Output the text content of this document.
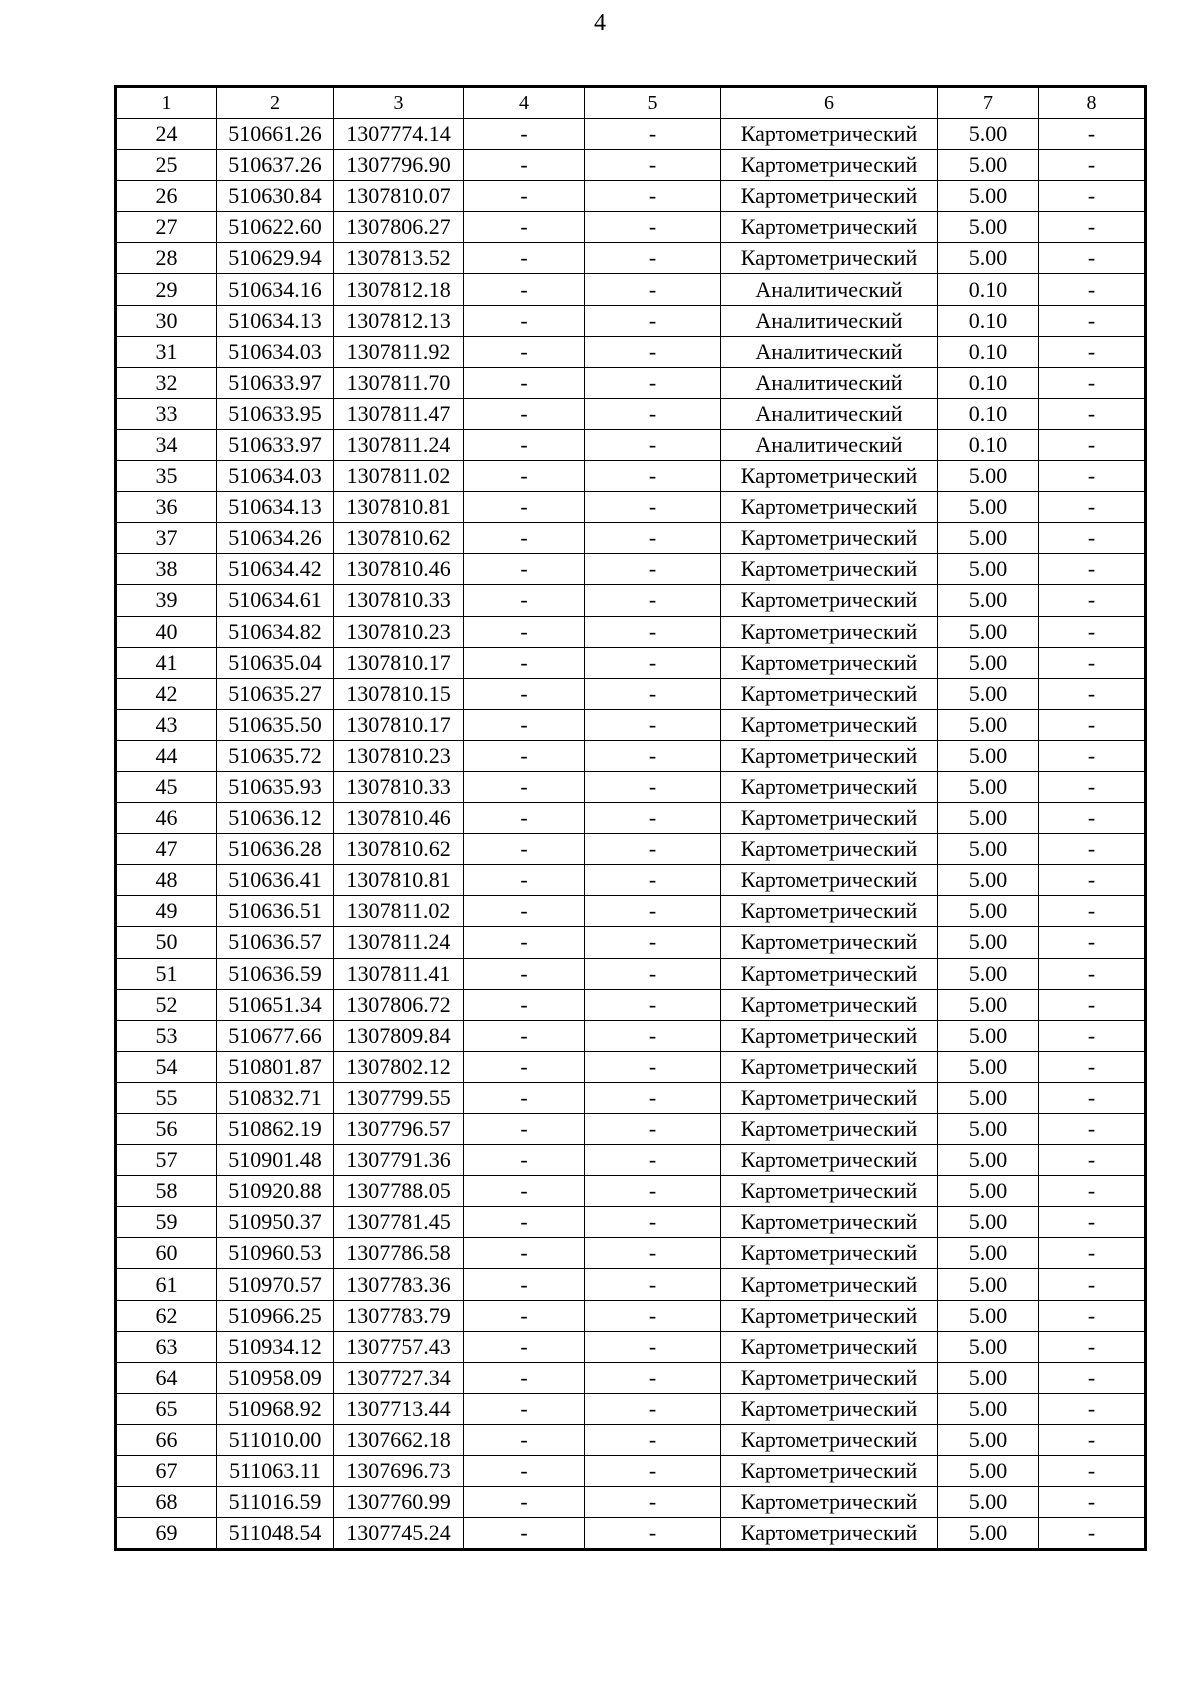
4
1	2	3	4	5	6	7	8
24	510661.26	1307774.14	-	-	Картометрический	5.00	-
25	510637.26	1307796.90	-	-	Картометрический	5.00	-
26	510630.84	1307810.07	-	-	Картометрический	5.00	-
27	510622.60	1307806.27	-	-	Картометрический	5.00	-
28	510629.94	1307813.52	-	-	Картометрический	5.00	-
29	510634.16	1307812.18	-	-	Аналитический	0.10	-
30	510634.13	1307812.13	-	-	Аналитический	0.10	-
31	510634.03	1307811.92	-	-	Аналитический	0.10	-
32	510633.97	1307811.70	-	-	Аналитический	0.10	-
33	510633.95	1307811.47	-	-	Аналитический	0.10	-
34	510633.97	1307811.24	-	-	Аналитический	0.10	-
35	510634.03	1307811.02	-	-	Картометрический	5.00	-
36	510634.13	1307810.81	-	-	Картометрический	5.00	-
37	510634.26	1307810.62	-	-	Картометрический	5.00	-
38	510634.42	1307810.46	-	-	Картометрический	5.00	-
39	510634.61	1307810.33	-	-	Картометрический	5.00	-
40	510634.82	1307810.23	-	-	Картометрический	5.00	-
41	510635.04	1307810.17	-	-	Картометрический	5.00	-
42	510635.27	1307810.15	-	-	Картометрический	5.00	-
43	510635.50	1307810.17	-	-	Картометрический	5.00	-
44	510635.72	1307810.23	-	-	Картометрический	5.00	-
45	510635.93	1307810.33	-	-	Картометрический	5.00	-
46	510636.12	1307810.46	-	-	Картометрический	5.00	-
47	510636.28	1307810.62	-	-	Картометрический	5.00	-
48	510636.41	1307810.81	-	-	Картометрический	5.00	-
49	510636.51	1307811.02	-	-	Картометрический	5.00	-
50	510636.57	1307811.24	-	-	Картометрический	5.00	-
51	510636.59	1307811.41	-	-	Картометрический	5.00	-
52	510651.34	1307806.72	-	-	Картометрический	5.00	-
53	510677.66	1307809.84	-	-	Картометрический	5.00	-
54	510801.87	1307802.12	-	-	Картометрический	5.00	-
55	510832.71	1307799.55	-	-	Картометрический	5.00	-
56	510862.19	1307796.57	-	-	Картометрический	5.00	-
57	510901.48	1307791.36	-	-	Картометрический	5.00	-
58	510920.88	1307788.05	-	-	Картометрический	5.00	-
59	510950.37	1307781.45	-	-	Картометрический	5.00	-
60	510960.53	1307786.58	-	-	Картометрический	5.00	-
61	510970.57	1307783.36	-	-	Картометрический	5.00	-
62	510966.25	1307783.79	-	-	Картометрический	5.00	-
63	510934.12	1307757.43	-	-	Картометрический	5.00	-
64	510958.09	1307727.34	-	-	Картометрический	5.00	-
65	510968.92	1307713.44	-	-	Картометрический	5.00	-
66	511010.00	1307662.18	-	-	Картометрический	5.00	-
67	511063.11	1307696.73	-	-	Картометрический	5.00	-
68	511016.59	1307760.99	-	-	Картометрический	5.00	-
69	511048.54	1307745.24	-	-	Картометрический	5.00	-
